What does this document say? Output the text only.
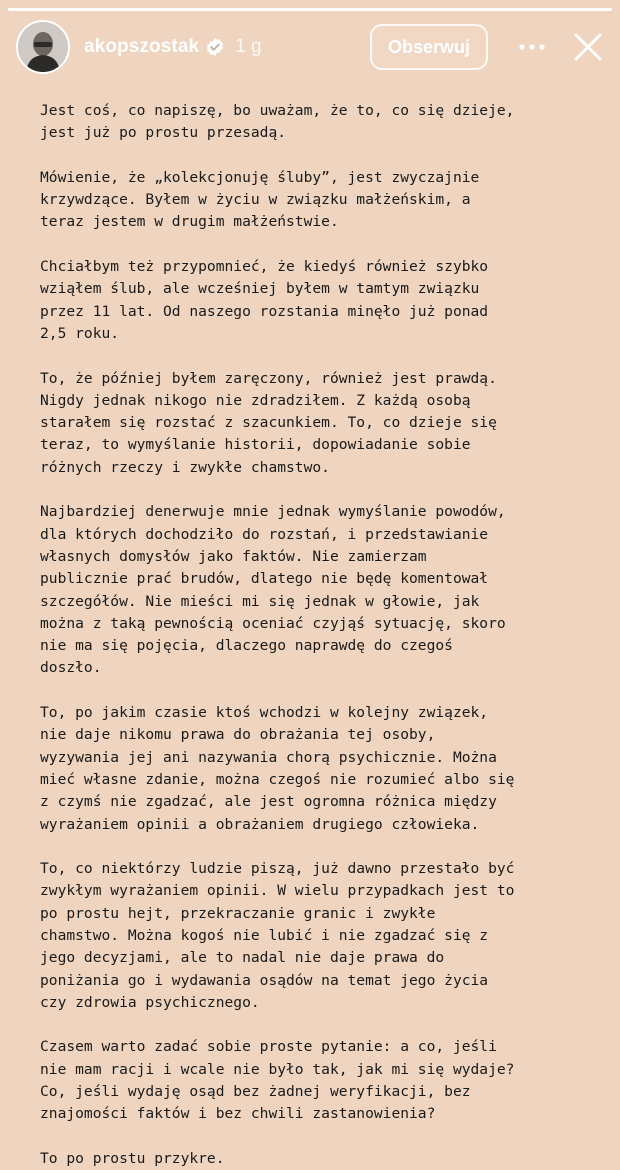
akopszostak 1 g	Obserwuj

Jest coś, co napiszę, bo uważam, że to, co się dzieje,
jest już po prostu przesadą.

Mówienie, że „kolekcjonuję śluby”, jest zwyczajnie
krzywdzące. Byłem w życiu w związku małżeńskim, a
teraz jestem w drugim małżeństwie.

Chciałbym też przypomnieć, że kiedyś również szybko
wziąłem ślub, ale wcześniej byłem w tamtym związku
przez 11 lat. Od naszego rozstania minęło już ponad
2,5 roku.

To, że później byłem zaręczony, również jest prawdą.
Nigdy jednak nikogo nie zdradziłem. Z każdą osobą
starałem się rozstać z szacunkiem. To, co dzieje się
teraz, to wymyślanie historii, dopowiadanie sobie
różnych rzeczy i zwykłe chamstwo.

Najbardziej denerwuje mnie jednak wymyślanie powodów,
dla których dochodziło do rozstań, i przedstawianie
własnych domysłów jako faktów. Nie zamierzam
publicznie prać brudów, dlatego nie będę komentował
szczegółów. Nie mieści mi się jednak w głowie, jak
można z taką pewnością oceniać czyjąś sytuację, skoro
nie ma się pojęcia, dlaczego naprawdę do czegoś
doszło.

To, po jakim czasie ktoś wchodzi w kolejny związek,
nie daje nikomu prawa do obrażania tej osoby,
wyzywania jej ani nazywania chorą psychicznie. Można
mieć własne zdanie, można czegoś nie rozumieć albo się
z czymś nie zgadzać, ale jest ogromna różnica między
wyrażaniem opinii a obrażaniem drugiego człowieka.

To, co niektórzy ludzie piszą, już dawno przestało być
zwykłym wyrażaniem opinii. W wielu przypadkach jest to
po prostu hejt, przekraczanie granic i zwykłe
chamstwo. Można kogoś nie lubić i nie zgadzać się z
jego decyzjami, ale to nadal nie daje prawa do
poniżania go i wydawania osądów na temat jego życia
czy zdrowia psychicznego.

Czasem warto zadać sobie proste pytanie: a co, jeśli
nie mam racji i wcale nie było tak, jak mi się wydaje?
Co, jeśli wydaję osąd bez żadnej weryfikacji, bez
znajomości faktów i bez chwili zastanowienia?

To po prostu przykre.
